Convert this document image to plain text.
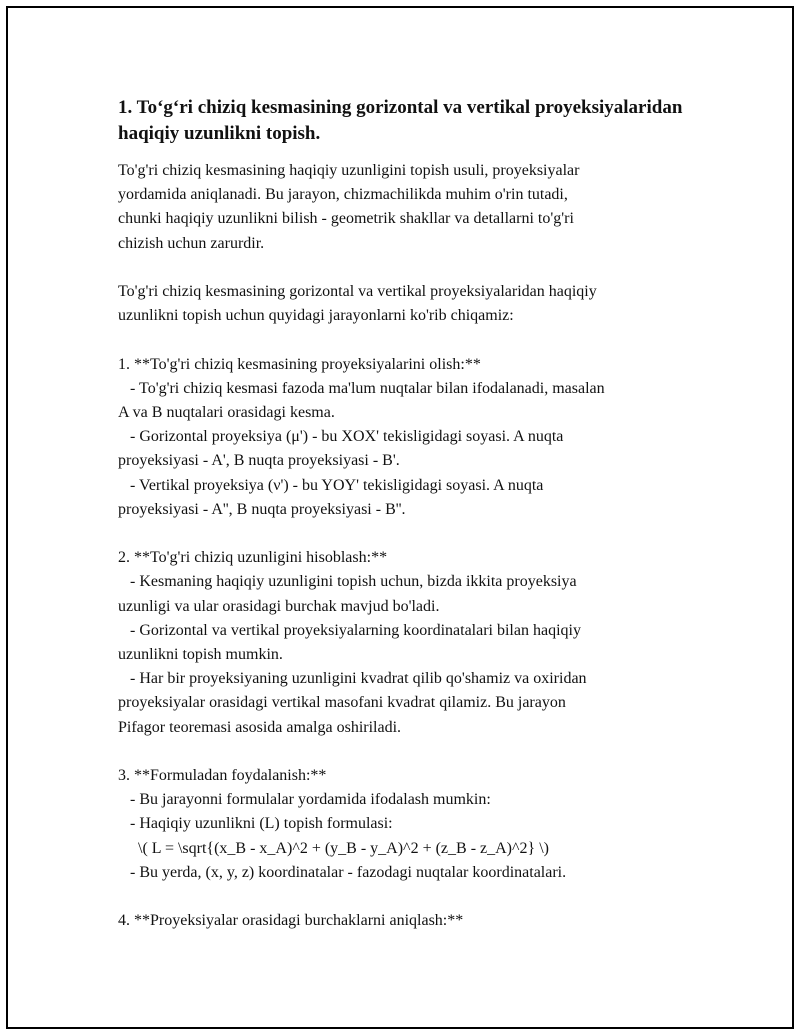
1. To‘g‘ri chiziq kesmasining gorizontal va vertikal proyeksiyalaridan haqiqiy uzunlikni topish.
To'g'ri chiziq kesmasining haqiqiy uzunligini topish usuli, proyeksiyalar
yordamida aniqlanadi. Bu jarayon, chizmachilikda muhim o'rin tutadi,
chunki haqiqiy uzunlikni bilish - geometrik shakllar va detallarni to'g'ri
chizish uchun zarurdir.
To'g'ri chiziq kesmasining gorizontal va vertikal proyeksiyalaridan haqiqiy
uzunlikni topish uchun quyidagi jarayonlarni ko'rib chiqamiz:
1. **To'g'ri chiziq kesmasining proyeksiyalarini olish:**
- To'g'ri chiziq kesmasi fazoda ma'lum nuqtalar bilan ifodalanadi, masalan
A va B nuqtalari orasidagi kesma.
- Gorizontal proyeksiya (μ') - bu XOX' tekisligidagi soyasi. A nuqta
proyeksiyasi - A', B nuqta proyeksiyasi - B'.
- Vertikal proyeksiya (ν') - bu YOY' tekisligidagi soyasi. A nuqta
proyeksiyasi - A'', B nuqta proyeksiyasi - B''.
2. **To'g'ri chiziq uzunligini hisoblash:**
- Kesmaning haqiqiy uzunligini topish uchun, bizda ikkita proyeksiya
uzunligi va ular orasidagi burchak mavjud bo'ladi.
- Gorizontal va vertikal proyeksiyalarning koordinatalari bilan haqiqiy
uzunlikni topish mumkin.
- Har bir proyeksiyaning uzunligini kvadrat qilib qo'shamiz va oxiridan
proyeksiyalar orasidagi vertikal masofani kvadrat qilamiz. Bu jarayon
Pifagor teoremasi asosida amalga oshiriladi.
3. **Formuladan foydalanish:**
- Bu jarayonni formulalar yordamida ifodalash mumkin:
- Haqiqiy uzunlikni (L) topish formulasi:
\( L = \sqrt{(x_B - x_A)^2 + (y_B - y_A)^2 + (z_B - z_A)^2} \)
- Bu yerda, (x, y, z) koordinatalar - fazodagi nuqtalar koordinatalari.
4. **Proyeksiyalar orasidagi burchaklarni aniqlash:**
